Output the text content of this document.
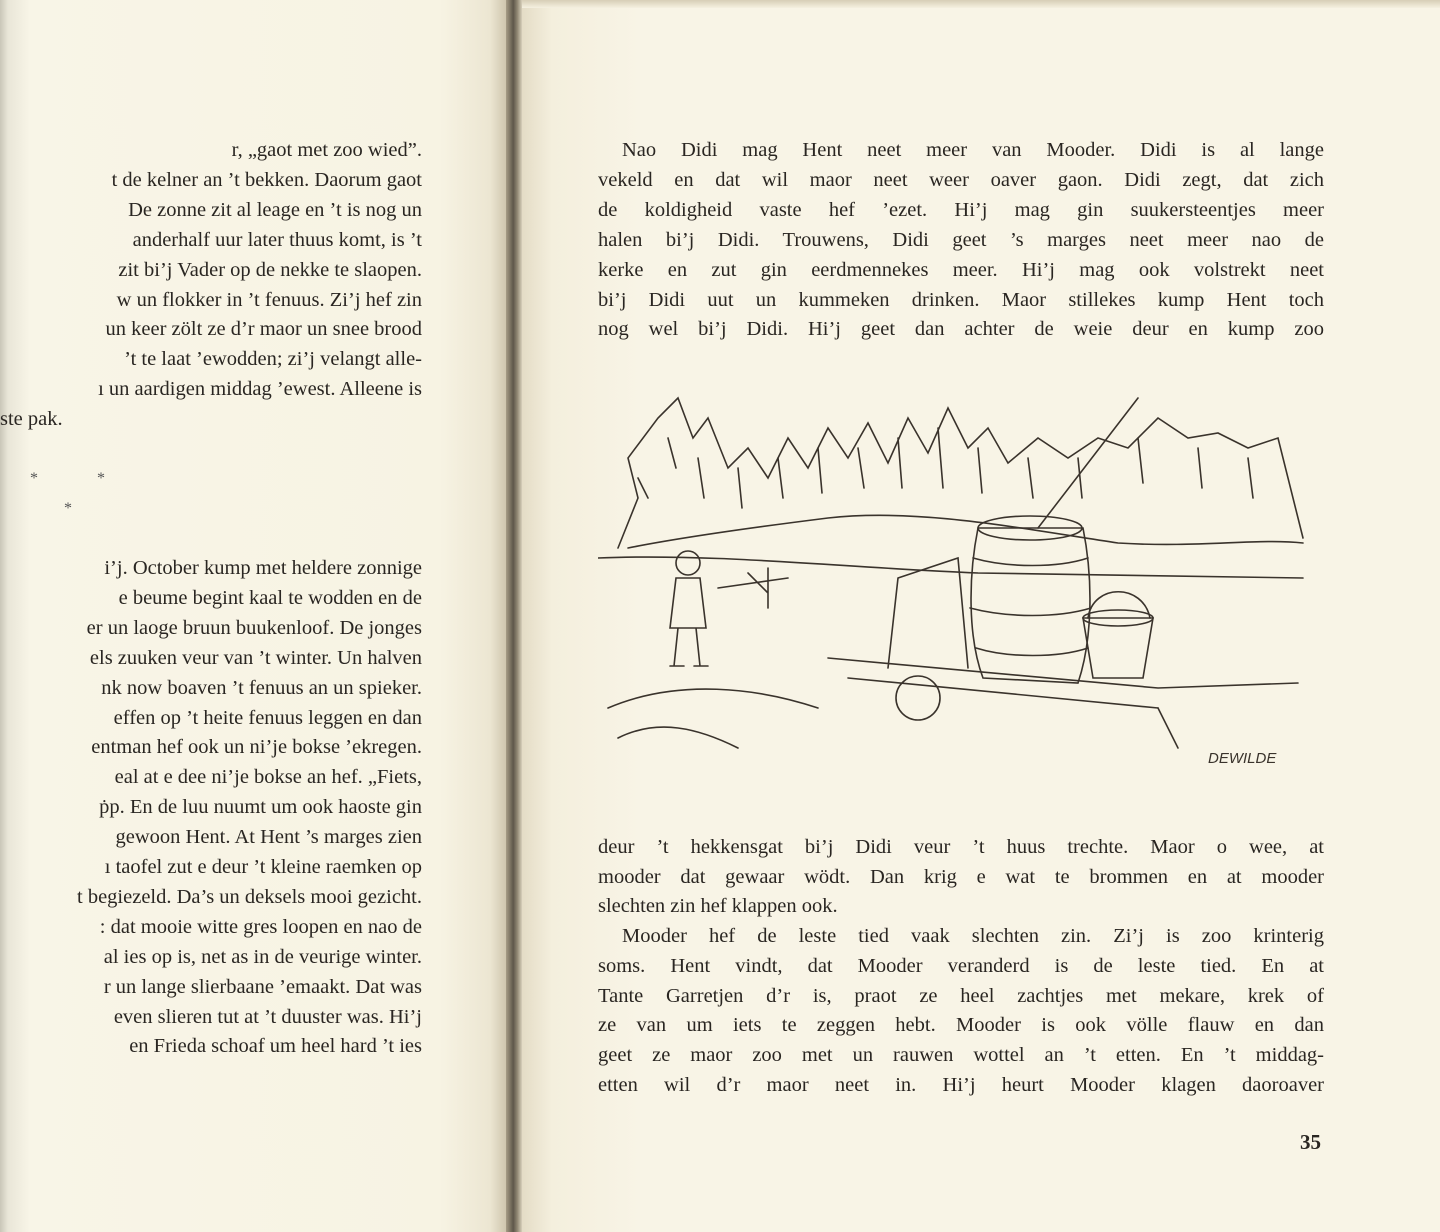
r, „gaot met zoo wied”.
t de kelner an ’t bekken. Daorum gaot
De zonne zit al leage en ’t is nog un
anderhalf uur later thuus komt, is ’t
zit bi’j Vader op de nekke te slaopen.
w un flokker in ’t fenuus. Zi’j hef zin
un keer zölt ze d’r maor un snee brood
’t te laat ’ewodden; zi’j velangt alle-
ı un aardigen middag ’ewest. Alleene is
ste pak.
i’j. October kump met heldere zonnige
e beume begint kaal te wodden en de
er un laoge bruun buukenloof. De jonges
els zuuken veur van ’t winter. Un halven
nk now boaven ’t fenuus an un spieker.
effen op ’t heite fenuus leggen en dan
entman hef ook un ni’je bokse ’ekregen.
eal at e dee ni’je bokse an hef. „Fiets,
ṗp. En de luu nuumt um ook haoste gin
gewoon Hent. At Hent ’s marges zien
ı taofel zut e deur ’t kleine raemken op
t begiezeld. Da’s un deksels mooi gezicht.
: dat mooie witte gres loopen en nao de
al ies op is, net as in de veurige winter.
r un lange slierbaane ’emaakt. Dat was
even slieren tut at ’t duuster was. Hi’j
en Frieda schoaf um heel hard ’t ies
*	*
*
Nao Didi mag Hent neet meer van Mooder. Didi is al lange
vekeld en dat wil maor neet weer oaver gaon. Didi zegt, dat zich
de koldigheid vaste hef ’ezet. Hi’j mag gin suukersteentjes meer
halen bi’j Didi. Trouwens, Didi geet ’s marges neet meer nao de
kerke en zut gin eerdmennekes meer. Hi’j mag ook volstrekt neet
bi’j Didi uut un kummeken drinken. Maor stillekes kump Hent toch
nog wel bi’j Didi. Hi’j geet dan achter de weie deur en kump zoo
deur ’t hekkensgat bi’j Didi veur ’t huus trechte. Maor o wee, at
mooder dat gewaar wödt. Dan krig e wat te brommen en at mooder
slechten zin hef klappen ook.
Mooder hef de leste tied vaak slechten zin. Zi’j is zoo krinterig
soms. Hent vindt, dat Mooder veranderd is de leste tied. En at
Tante Garretjen d’r is, praot ze heel zachtjes met mekare, krek of
ze van um iets te zeggen hebt. Mooder is ook völle flauw en dan
geet ze maor zoo met un rauwen wottel an ’t etten. En ’t middag-
etten wil d’r maor neet in. Hi’j heurt Mooder klagen daoroaver
DEWILDE
35
